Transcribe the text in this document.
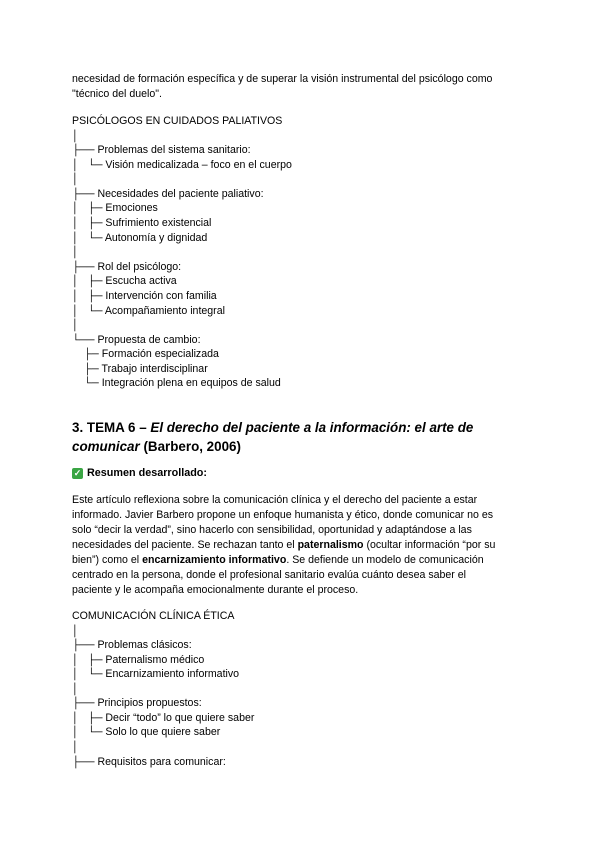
necesidad de formación específica y de superar la visión instrumental del psicólogo como
"técnico del duelo".
PSICÓLOGOS EN CUIDADOS PALIATIVOS
│
├── Problemas del sistema sanitario:
│   └─ Visión medicalizada – foco en el cuerpo
│
├── Necesidades del paciente paliativo:
│   ├─ Emociones
│   ├─ Sufrimiento existencial
│   └─ Autonomía y dignidad
│
├── Rol del psicólogo:
│   ├─ Escucha activa
│   ├─ Intervención con familia
│   └─ Acompañamiento integral
│
└── Propuesta de cambio:
├─ Formación especializada
├─ Trabajo interdisciplinar
└─ Integración plena en equipos de salud
3. TEMA 6 – El derecho del paciente a la información: el arte de
comunicar (Barbero, 2006)
✓ Resumen desarrollado:
Este artículo reflexiona sobre la comunicación clínica y el derecho del paciente a estar
informado. Javier Barbero propone un enfoque humanista y ético, donde comunicar no es
solo “decir la verdad”, sino hacerlo con sensibilidad, oportunidad y adaptándose a las
necesidades del paciente. Se rechazan tanto el paternalismo (ocultar información “por su
bien”) como el encarnizamiento informativo. Se defiende un modelo de comunicación
centrado en la persona, donde el profesional sanitario evalúa cuánto desea saber el
paciente y le acompaña emocionalmente durante el proceso.
COMUNICACIÓN CLÍNICA ÉTICA
│
├── Problemas clásicos:
│   ├─ Paternalismo médico
│   └─ Encarnizamiento informativo
│
├── Principios propuestos:
│   ├─ Decir “todo” lo que quiere saber
│   └─ Solo lo que quiere saber
│
├── Requisitos para comunicar:
